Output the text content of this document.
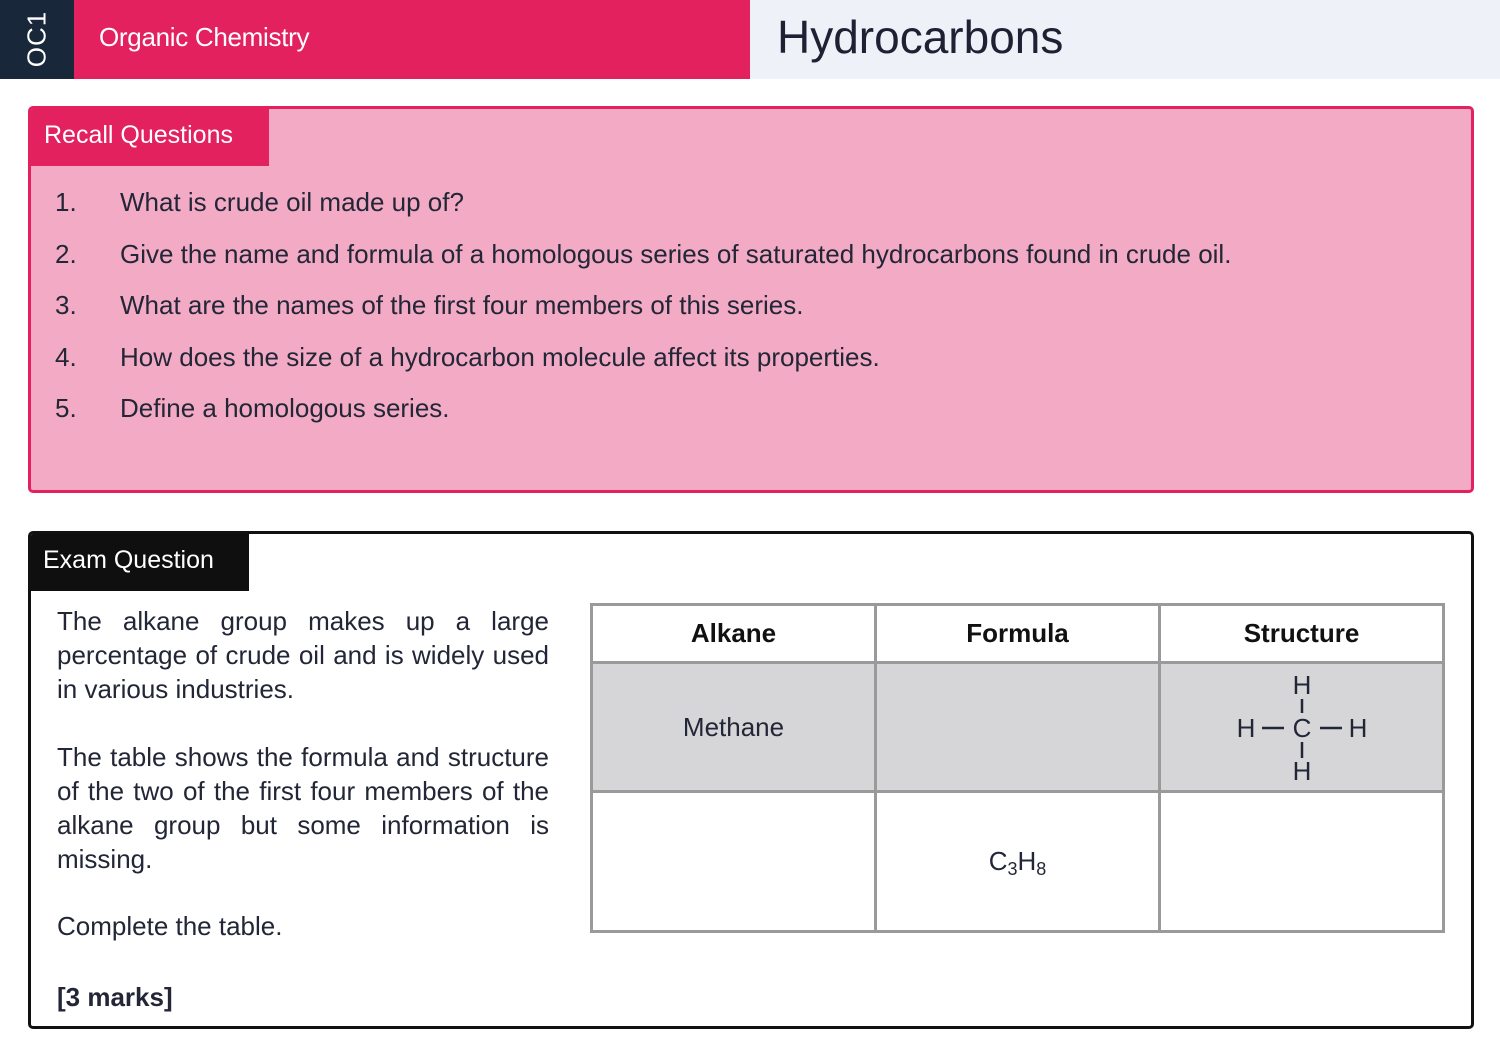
OC1 Organic Chemistry	Hydrocarbons
Recall Questions
1. What is crude oil made up of?
2. Give the name and formula of a homologous series of saturated hydrocarbons found in crude oil.
3. What are the names of the first four members of this series.
4. How does the size of a hydrocarbon molecule affect its properties.
5. Define a homologous series.
Exam Question

The alkane group makes up a large percentage of crude oil and is widely used in various industries.

The table shows the formula and structure of the two of the first four members of the alkane group but some information is missing.

Complete the table.

[3 marks]
Alkane	Formula	Structure
Methane		H
H C H
H

	$C_3H_8$	
